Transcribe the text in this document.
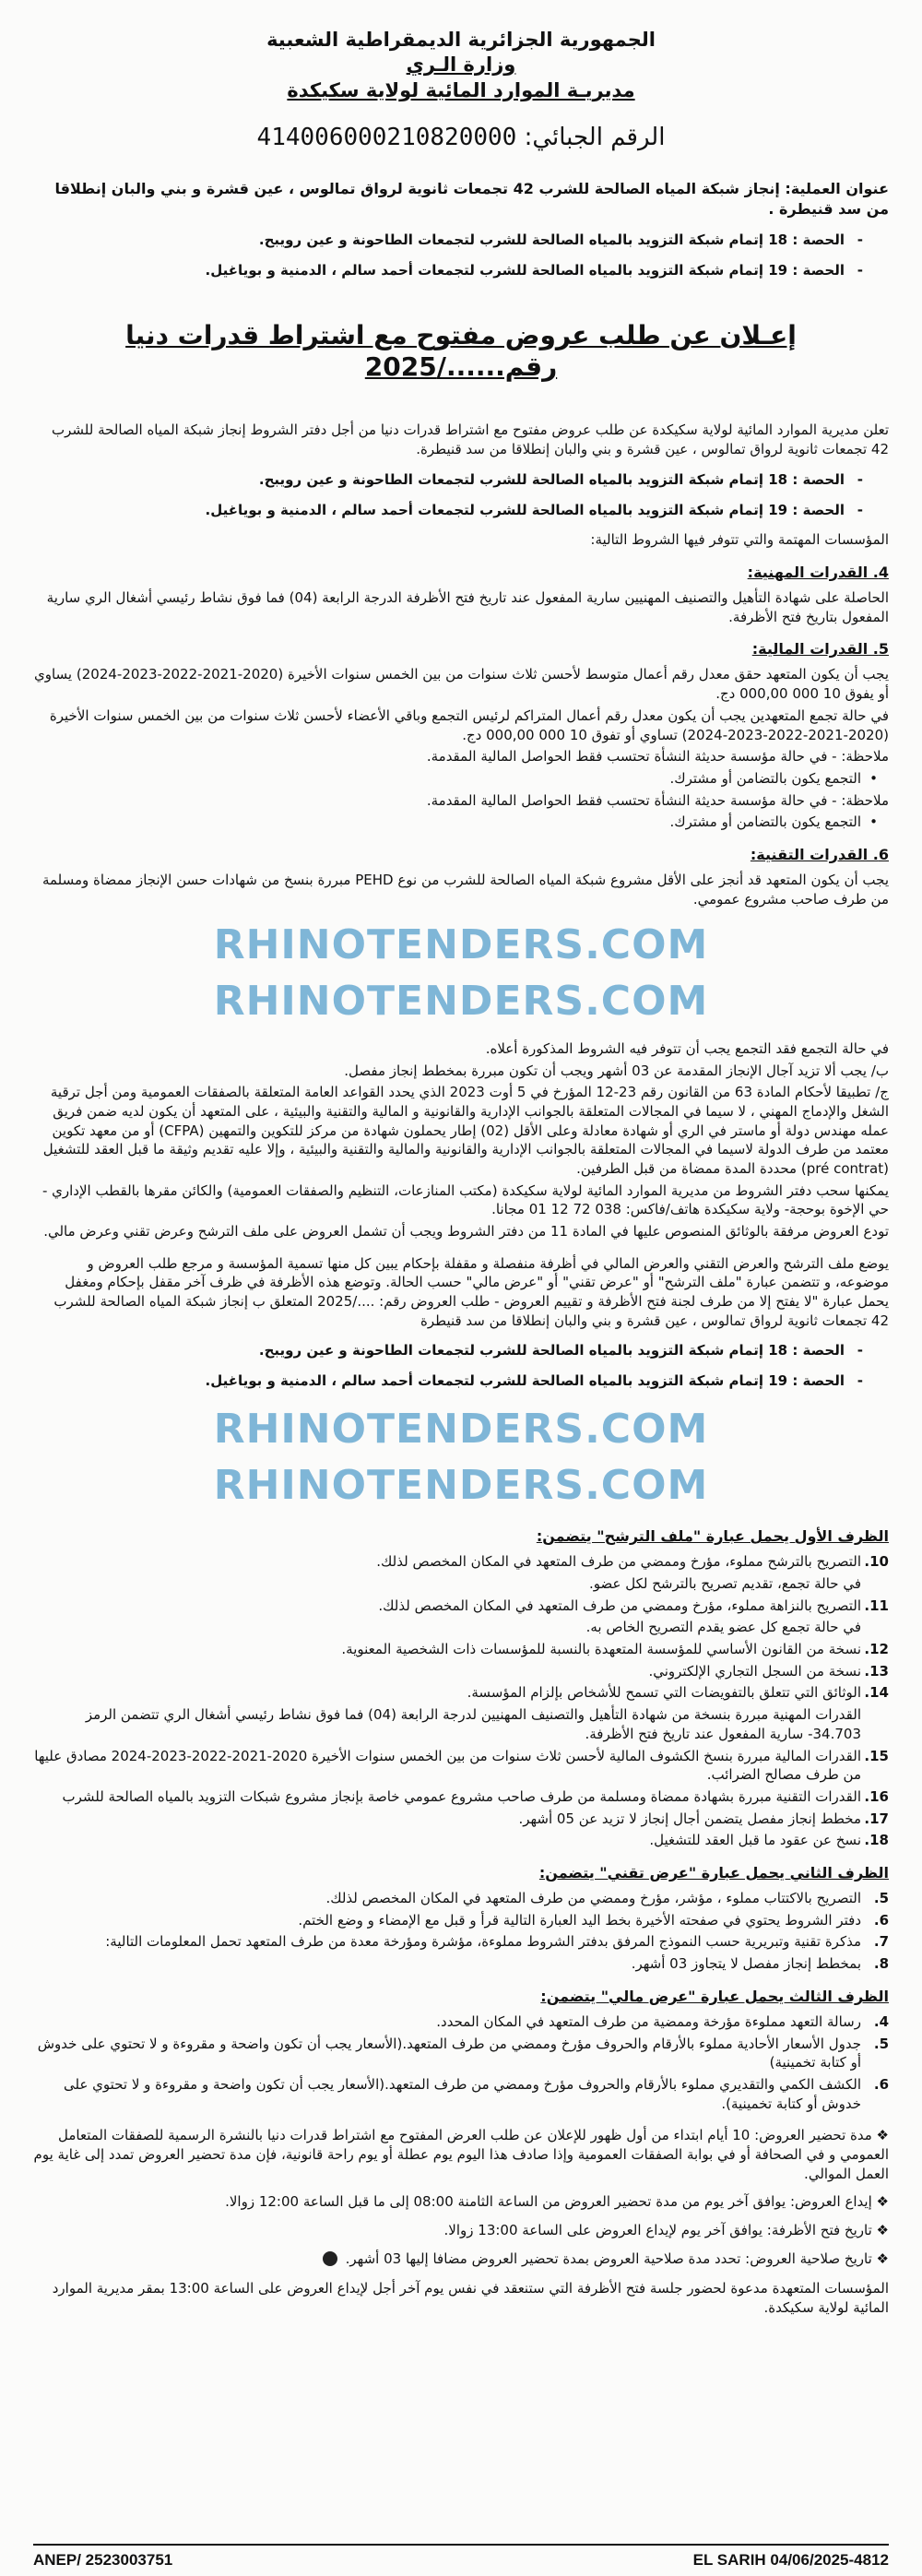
الجمهورية الجزائرية الديمقراطية الشعبية
وزارة الـري
مديريـة الموارد المائية لولاية سكيكدة
الرقم الجبائي: 414006000210820000
عنوان العملية: إنجاز شبكة المياه الصالحة للشرب 42 تجمعات ثانوية لرواق تمالوس ، عين قشرة و بني والبان إنطلاقا من سد قنيطرة .
- الحصة : 18 إتمام شبكة التزويد بالمياه الصالحة للشرب لتجمعات الطاحونة و عين رويبح.
- الحصة : 19 إتمام شبكة التزويد بالمياه الصالحة للشرب لتجمعات أحمد سالم ، الدمنية و بوياغيل.
إعـلان عن طلب عروض مفتوح مع اشتراط قدرات دنيا رقم....../2025

تعلن مديرية الموارد المائية لولاية سكيكدة عن طلب عروض مفتوح مع اشتراط قدرات دنيا من أجل دفتر الشروط إنجاز شبكة المياه الصالحة للشرب 42 تجمعات ثانوية لرواق تمالوس ، عين قشرة و بني والبان إنطلاقا من سد قنيطرة.

- الحصة : 18 إتمام شبكة التزويد بالمياه الصالحة للشرب لتجمعات الطاحونة و عين رويبح.
- الحصة : 19 إتمام شبكة التزويد بالمياه الصالحة للشرب لتجمعات أحمد سالم ، الدمنية و بوياغيل.

المؤسسات المهتمة والتي تتوفر فيها الشروط التالية:

4. القدرات المهنية:

الحاصلة على شهادة التأهيل والتصنيف المهنيين سارية المفعول عند تاريخ فتح الأظرفة الدرجة الرابعة (04) فما فوق نشاط رئيسي أشغال الري سارية المفعول بتاريخ فتح الأظرفة.

5. القدرات المالية:

يجب أن يكون المتعهد حقق معدل رقم أعمال متوسط لأحسن ثلاث سنوات من بين الخمس سنوات الأخيرة (2020-2021-2022-2023-2024) يساوي أو يفوق 10 000 000,00 دج.

في حالة تجمع المتعهدين يجب أن يكون معدل رقم أعمال المتراكم لرئيس التجمع وباقي الأعضاء لأحسن ثلاث سنوات من بين الخمس سنوات الأخيرة (2020-2021-2022-2023-2024) تساوي أو تفوق 10 000 000,00 دج.

ملاحظة: - في حالة مؤسسة حديثة النشأة تحتسب فقط الحواصل المالية المقدمة.

• التجمع يكون بالتضامن أو مشترك.

ملاحظة: - في حالة مؤسسة حديثة النشأة تحتسب فقط الحواصل المالية المقدمة.

• التجمع يكون بالتضامن أو مشترك.
6. القدرات التقنية:

يجب أن يكون المتعهد قد أنجز على الأقل مشروع شبكة المياه الصالحة للشرب من نوع PEHD مبررة بنسخ من شهادات حسن الإنجاز ممضاة ومسلمة من طرف صاحب مشروع عمومي.

RHINOTENDERS.COM RHINOTENDERS.COM

في حالة التجمع فقد التجمع يجب أن تتوفر فيه الشروط المذكورة أعلاه.

ب/ يجب ألا تزيد آجال الإنجاز المقدمة عن 03 أشهر ويجب أن تكون مبررة بمخطط إنجاز مفصل.

ج/ تطبيقا لأحكام المادة 63 من القانون رقم 23-12 المؤرخ في 5 أوت 2023 الذي يحدد القواعد العامة المتعلقة بالصفقات العمومية ومن أجل ترقية الشغل والإدماج المهني ، لا سيما في المجالات المتعلقة بالجوانب الإدارية والقانونية و المالية والتقنية والبيئية ، على المتعهد أن يكون لديه ضمن فريق عمله مهندس دولة أو ماستر في الري أو شهادة معادلة وعلى الأقل (02) إطار يحملون شهادة من مركز للتكوين والتمهين (CFPA) أو من معهد تكوين معتمد من طرف الدولة لاسيما في المجالات المتعلقة بالجوانب الإدارية والقانونية والمالية والتقنية والبيئية ، وإلا عليه تقديم وثيقة ما قبل العقد للتشغيل (pré contrat) محددة المدة ممضاة من قبل الطرفين.

يمكنها سحب دفتر الشروط من مديرية الموارد المائية لولاية سكيكدة (مكتب المنازعات، التنظيم والصفقات العمومية) والكائن مقرها بالقطب الإداري - حي الإخوة بوحجة- ولاية سكيكدة هاتف/فاكس: 038 72 12 01 مجانا.

تودع العروض مرفقة بالوثائق المنصوص عليها في المادة 11 من دفتر الشروط ويجب أن تشمل العروض على ملف الترشح وعرض تقني وعرض مالي.

يوضع ملف الترشح والعرض التقني والعرض المالي في أظرفة منفصلة و مقفلة بإحكام يبين كل منها تسمية المؤسسة و مرجع طلب العروض و موضوعه، و تتضمن عبارة "ملف الترشح" أو "عرض تقني" أو "عرض مالي" حسب الحالة. وتوضع هذه الأظرفة في ظرف آخر مقفل بإحكام ومغفل يحمل عبارة "لا يفتح إلا من طرف لجنة فتح الأظرفة و تقييم العروض - طلب العروض رقم: ..../2025 المتعلق ب إنجاز شبكة المياه الصالحة للشرب 42 تجمعات ثانوية لرواق تمالوس ، عين قشرة و بني والبان إنطلاقا من سد قنيطرة

- الحصة : 18 إتمام شبكة التزويد بالمياه الصالحة للشرب لتجمعات الطاحونة و عين رويبح.
- الحصة : 19 إتمام شبكة التزويد بالمياه الصالحة للشرب لتجمعات أحمد سالم ، الدمنية و بوياغيل.
RHINOTENDERS.COM RHINOTENDERS.COM
الظرف الأول يحمل عبارة "ملف الترشح" يتضمن:
10.
التصريح بالترشح مملوء، مؤرخ وممضي من طرف المتعهد في المكان المخصص لذلك.
في حالة تجمع، تقديم تصريح بالترشح لكل عضو.
11.
التصريح بالنزاهة مملوء، مؤرخ وممضي من طرف المتعهد في المكان المخصص لذلك.
في حالة تجمع كل عضو يقدم التصريح الخاص به.
12.
نسخة من القانون الأساسي للمؤسسة المتعهدة بالنسبة للمؤسسات ذات الشخصية المعنوية.
13.
نسخة من السجل التجاري الإلكتروني.
14.
الوثائق التي تتعلق بالتفويضات التي تسمح للأشخاص بإلزام المؤسسة.
القدرات المهنية مبررة بنسخة من شهادة التأهيل والتصنيف المهنيين لدرجة الرابعة (04) فما فوق نشاط رئيسي أشغال الري تتضمن الرمز 34.703- سارية المفعول عند تاريخ فتح الأظرفة.
15.
القدرات المالية مبررة بنسخ الكشوف المالية لأحسن ثلاث سنوات من بين الخمس سنوات الأخيرة 2020-2021-2022-2023-2024 مصادق عليها من طرف مصالح الضرائب.
16.
القدرات التقنية مبررة بشهادة ممضاة ومسلمة من طرف صاحب مشروع عمومي خاصة بإنجاز مشروع شبكات التزويد بالمياه الصالحة للشرب
17.
مخطط إنجاز مفصل يتضمن أجال إنجاز لا تزيد عن 05 أشهر.
18.
نسخ عن عقود ما قبل العقد للتشغيل.
الظرف الثاني يحمل عبارة "عرض تقني" يتضمن:
5.
التصريح بالاكتتاب مملوء ، مؤشر، مؤرخ وممضي من طرف المتعهد في المكان المخصص لذلك.
6.
دفتر الشروط يحتوي في صفحته الأخيرة بخط اليد العبارة التالية قرأ و قبل مع الإمضاء و وضع الختم.
7.
مذكرة تقنية وتبريرية حسب النموذج المرفق بدفتر الشروط مملوءة، مؤشرة ومؤرخة معدة من طرف المتعهد تحمل المعلومات التالية:
8.
بمخطط إنجاز مفصل لا يتجاوز 03 أشهر.
الظرف الثالث يحمل عبارة "عرض مالي" يتضمن:
4.
رسالة التعهد مملوءة مؤرخة وممضية من طرف المتعهد في المكان المحدد.
5.
جدول الأسعار الأحادية مملوء بالأرقام والحروف مؤرخ وممضي من طرف المتعهد.(الأسعار يجب أن تكون واضحة و مقروءة و لا تحتوي على خدوش أو كتابة تخمينية)
6.
الكشف الكمي والتقديري مملوء بالأرقام والحروف مؤرخ وممضي من طرف المتعهد.(الأسعار يجب أن تكون واضحة و مقروءة و لا تحتوي على خدوش أو كتابة تخمينية).

❖ مدة تحضير العروض: 10 أيام ابتداء من أول ظهور للإعلان عن طلب العرض المفتوح مع اشتراط قدرات دنيا بالنشرة الرسمية للصفقات المتعامل العمومي و في الصحافة أو في بوابة الصفقات العمومية وإذا صادف هذا اليوم يوم عطلة أو يوم راحة قانونية، فإن مدة تحضير العروض تمدد إلى غاية يوم العمل الموالي.

❖ إيداع العروض: يوافق آخر يوم من مدة تحضير العروض من الساعة الثامنة 08:00 إلى ما قبل الساعة 12:00 زوالا.

❖ تاريخ فتح الأظرفة: يوافق آخر يوم لإيداع العروض على الساعة 13:00 زوالا.

❖ تاريخ صلاحية العروض: تحدد مدة صلاحية العروض بمدة تحضير العروض مضافا إليها 03 أشهر.

المؤسسات المتعهدة مدعوة لحضور جلسة فتح الأظرفة التي ستنعقد في نفس يوم آخر أجل لإيداع العروض على الساعة 13:00 بمقر مديرية الموارد المائية لولاية سكيكدة.

ANEP/ 2523003751	EL SARIH 04/06/2025-4812
